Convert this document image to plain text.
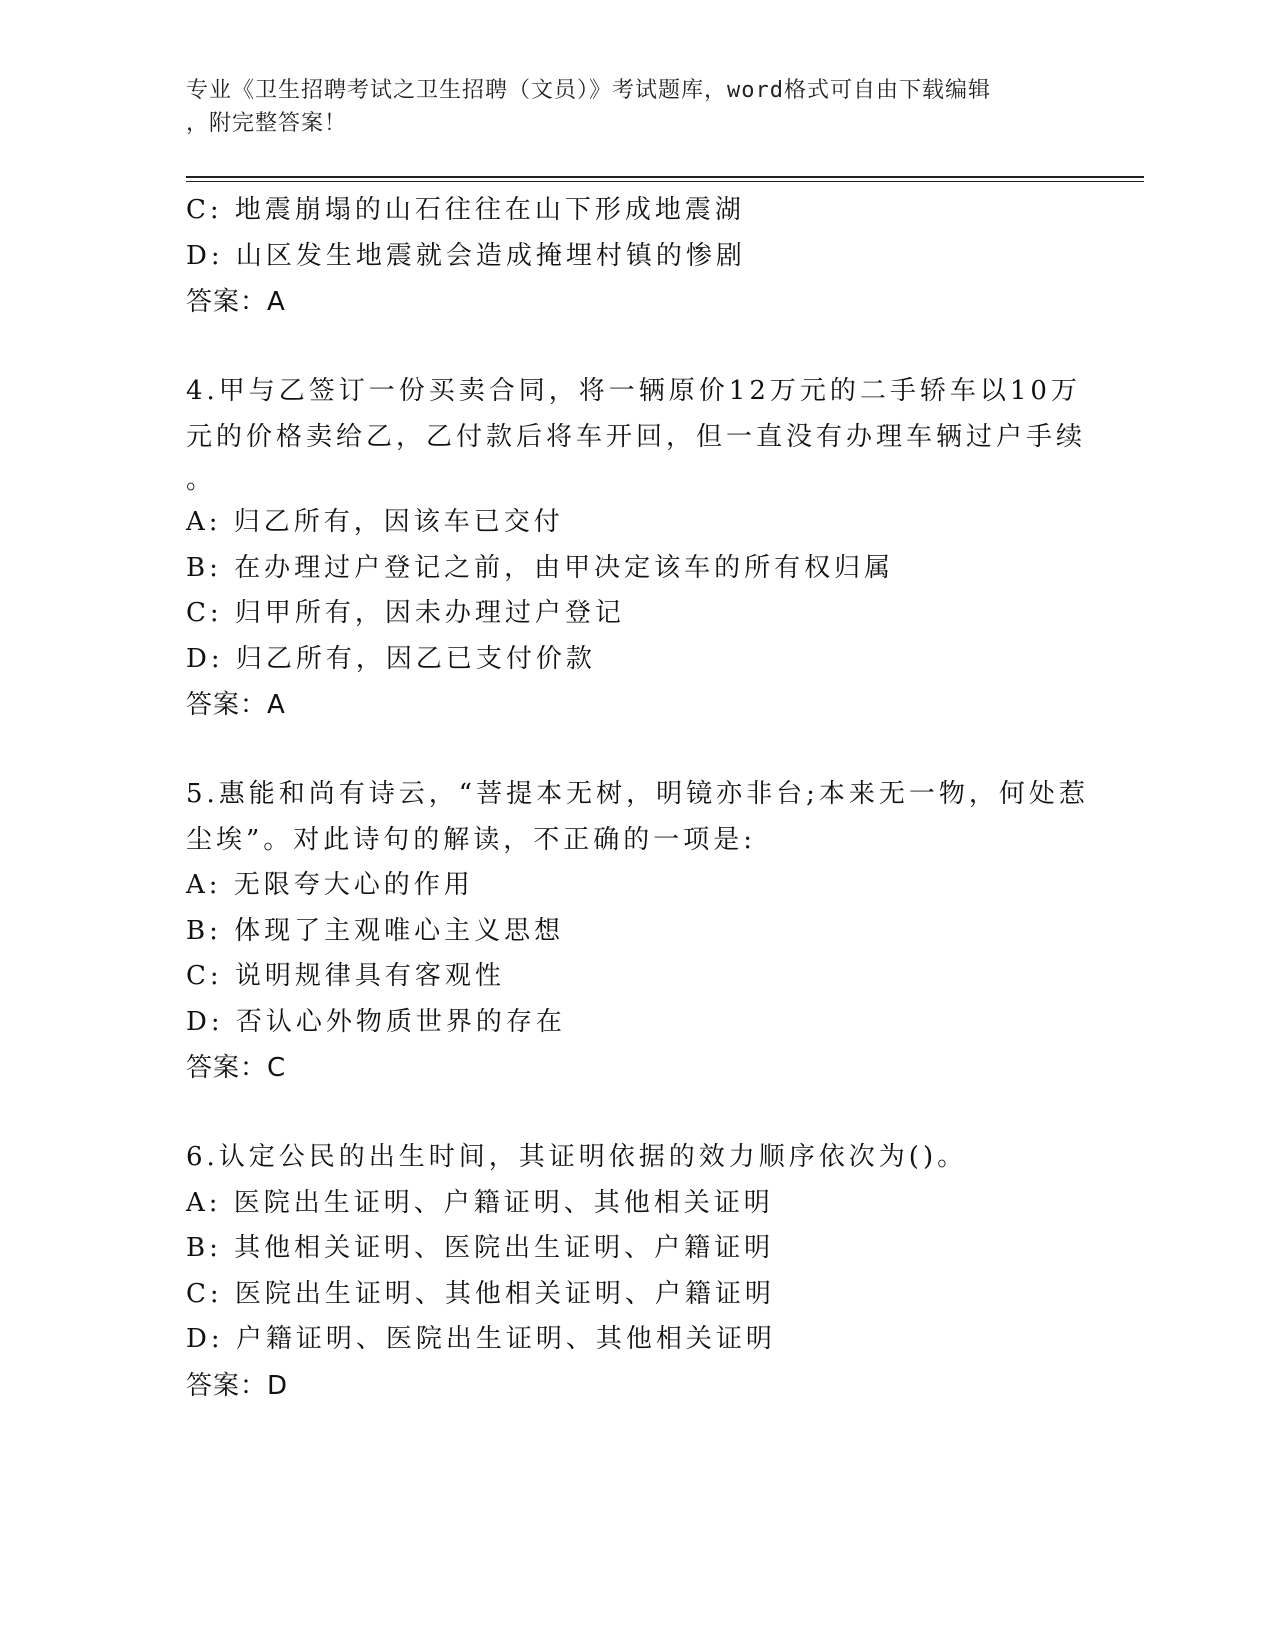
专业《卫生招聘考试之卫生招聘（文员）》考试题库，word格式可自由下载编辑
，附完整答案！
C: 地震崩塌的山石往往在山下形成地震湖
D: 山区发生地震就会造成掩埋村镇的惨剧
答案：A
4.甲与乙签订一份买卖合同，将一辆原价12万元的二手轿车以10万
元的价格卖给乙，乙付款后将车开回，但一直没有办理车辆过户手续
。
A: 归乙所有，因该车已交付
B: 在办理过户登记之前，由甲决定该车的所有权归属
C: 归甲所有，因未办理过户登记
D: 归乙所有，因乙已支付价款
答案：A
5.惠能和尚有诗云，“菩提本无树，明镜亦非台;本来无一物，何处惹
尘埃”。对此诗句的解读，不正确的一项是:
A: 无限夸大心的作用
B: 体现了主观唯心主义思想
C: 说明规律具有客观性
D: 否认心外物质世界的存在
答案：C
6.认定公民的出生时间，其证明依据的效力顺序依次为()。
A: 医院出生证明、户籍证明、其他相关证明
B: 其他相关证明、医院出生证明、户籍证明
C: 医院出生证明、其他相关证明、户籍证明
D: 户籍证明、医院出生证明、其他相关证明
答案：D
